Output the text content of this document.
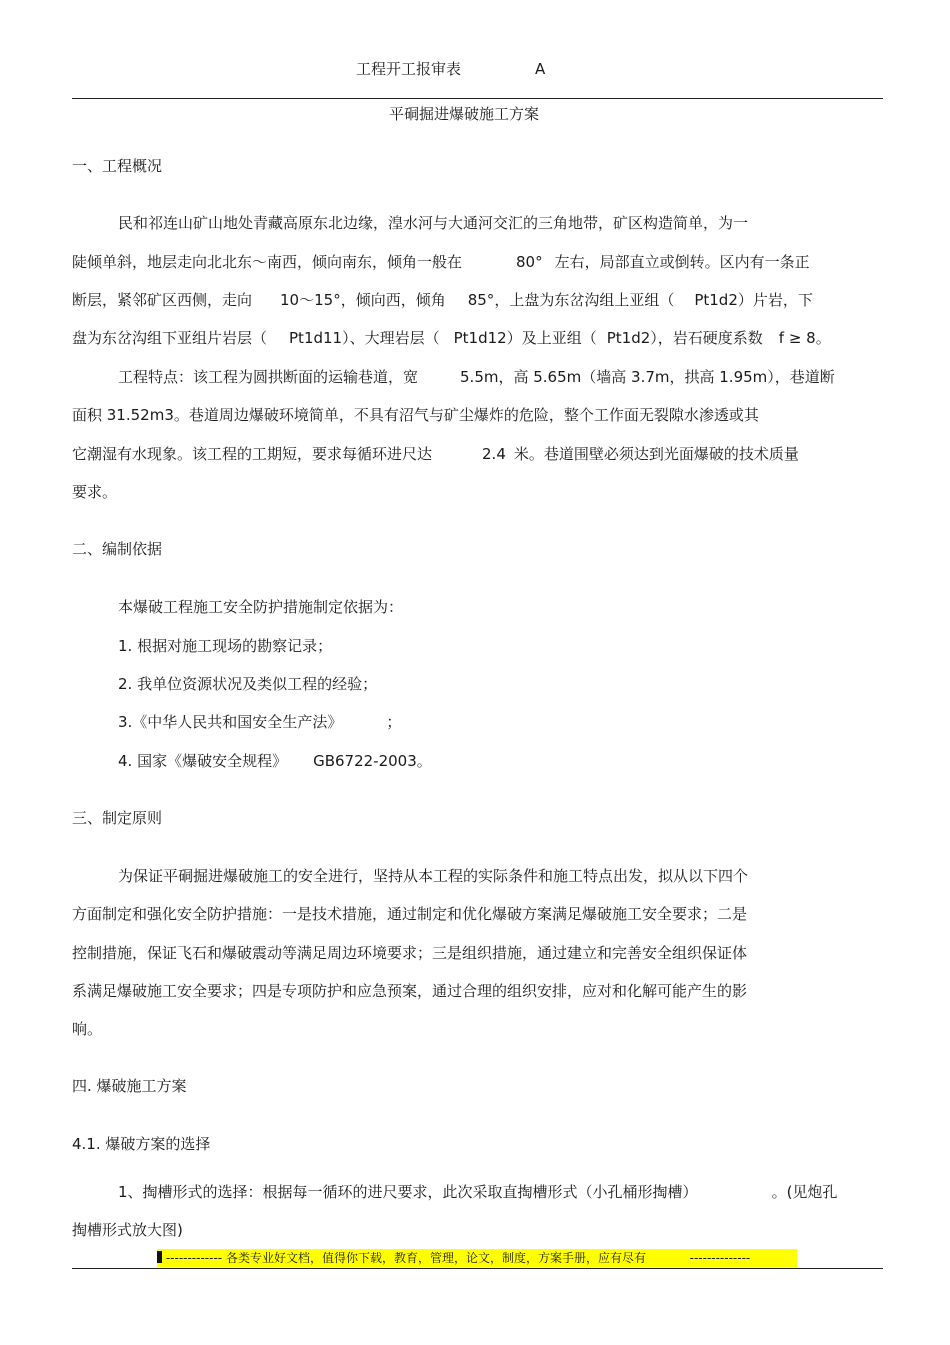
工程开工报审表	A
平硐掘进爆破施工方案
一、工程概况
民和祁连山矿山地处青藏高原东北边缘，湟水河与大通河交汇的三角地带，矿区构造简单，为一
陡倾单斜，地层走向北北东～南西，倾向南东，倾角一般在	80° 左右，局部直立或倒转。区内有一条正
断层，紧邻矿区西侧，走向 10～15°，倾向西，倾角 85°，上盘为东岔沟组上亚组（ Pt1d2）片岩，下
盘为东岔沟组下亚组片岩层（ Pt1d11）、大理岩层（ Pt1d12）及上亚组（ Pt1d2），岩石硬度系数 f ≥ 8。
工程特点：该工程为圆拱断面的运输巷道，宽	5.5m，高 5.65m（墙高 3.7m，拱高 1.95m），巷道断
面积 31.52m3。巷道周边爆破环境简单，不具有沼气与矿尘爆炸的危险，整个工作面无裂隙水渗透或其
它潮湿有水现象。该工程的工期短，要求每循环进尺达	2.4 米。巷道围壁必须达到光面爆破的技术质量
要求。
二、编制依据
本爆破工程施工安全防护措施制定依据为：
1. 根据对施工现场的勘察记录；
2. 我单位资源状况及类似工程的经验；
3.《中华人民共和国安全生产法》	；
4. 国家《爆破安全规程》 GB6722-2003。
三、制定原则
为保证平硐掘进爆破施工的安全进行，坚持从本工程的实际条件和施工特点出发，拟从以下四个
方面制定和强化安全防护措施：一是技术措施，通过制定和优化爆破方案满足爆破施工安全要求；二是
控制措施，保证飞石和爆破震动等满足周边环境要求；三是组织措施，通过建立和完善安全组织保证体
系满足爆破施工安全要求；四是专项防护和应急预案，通过合理的组织安排，应对和化解可能产生的影
响。
四. 爆破施工方案
4.1. 爆破方案的选择
1、掏槽形式的选择：根据每一循环的进尺要求，此次采取直掏槽形式（小孔桶形掏槽）	。(见炮孔
掏槽形式放大图)
------------- 各类专业好文档，值得你下载，教育，管理，论文，制度，方案手册，应有尽有	--------------
